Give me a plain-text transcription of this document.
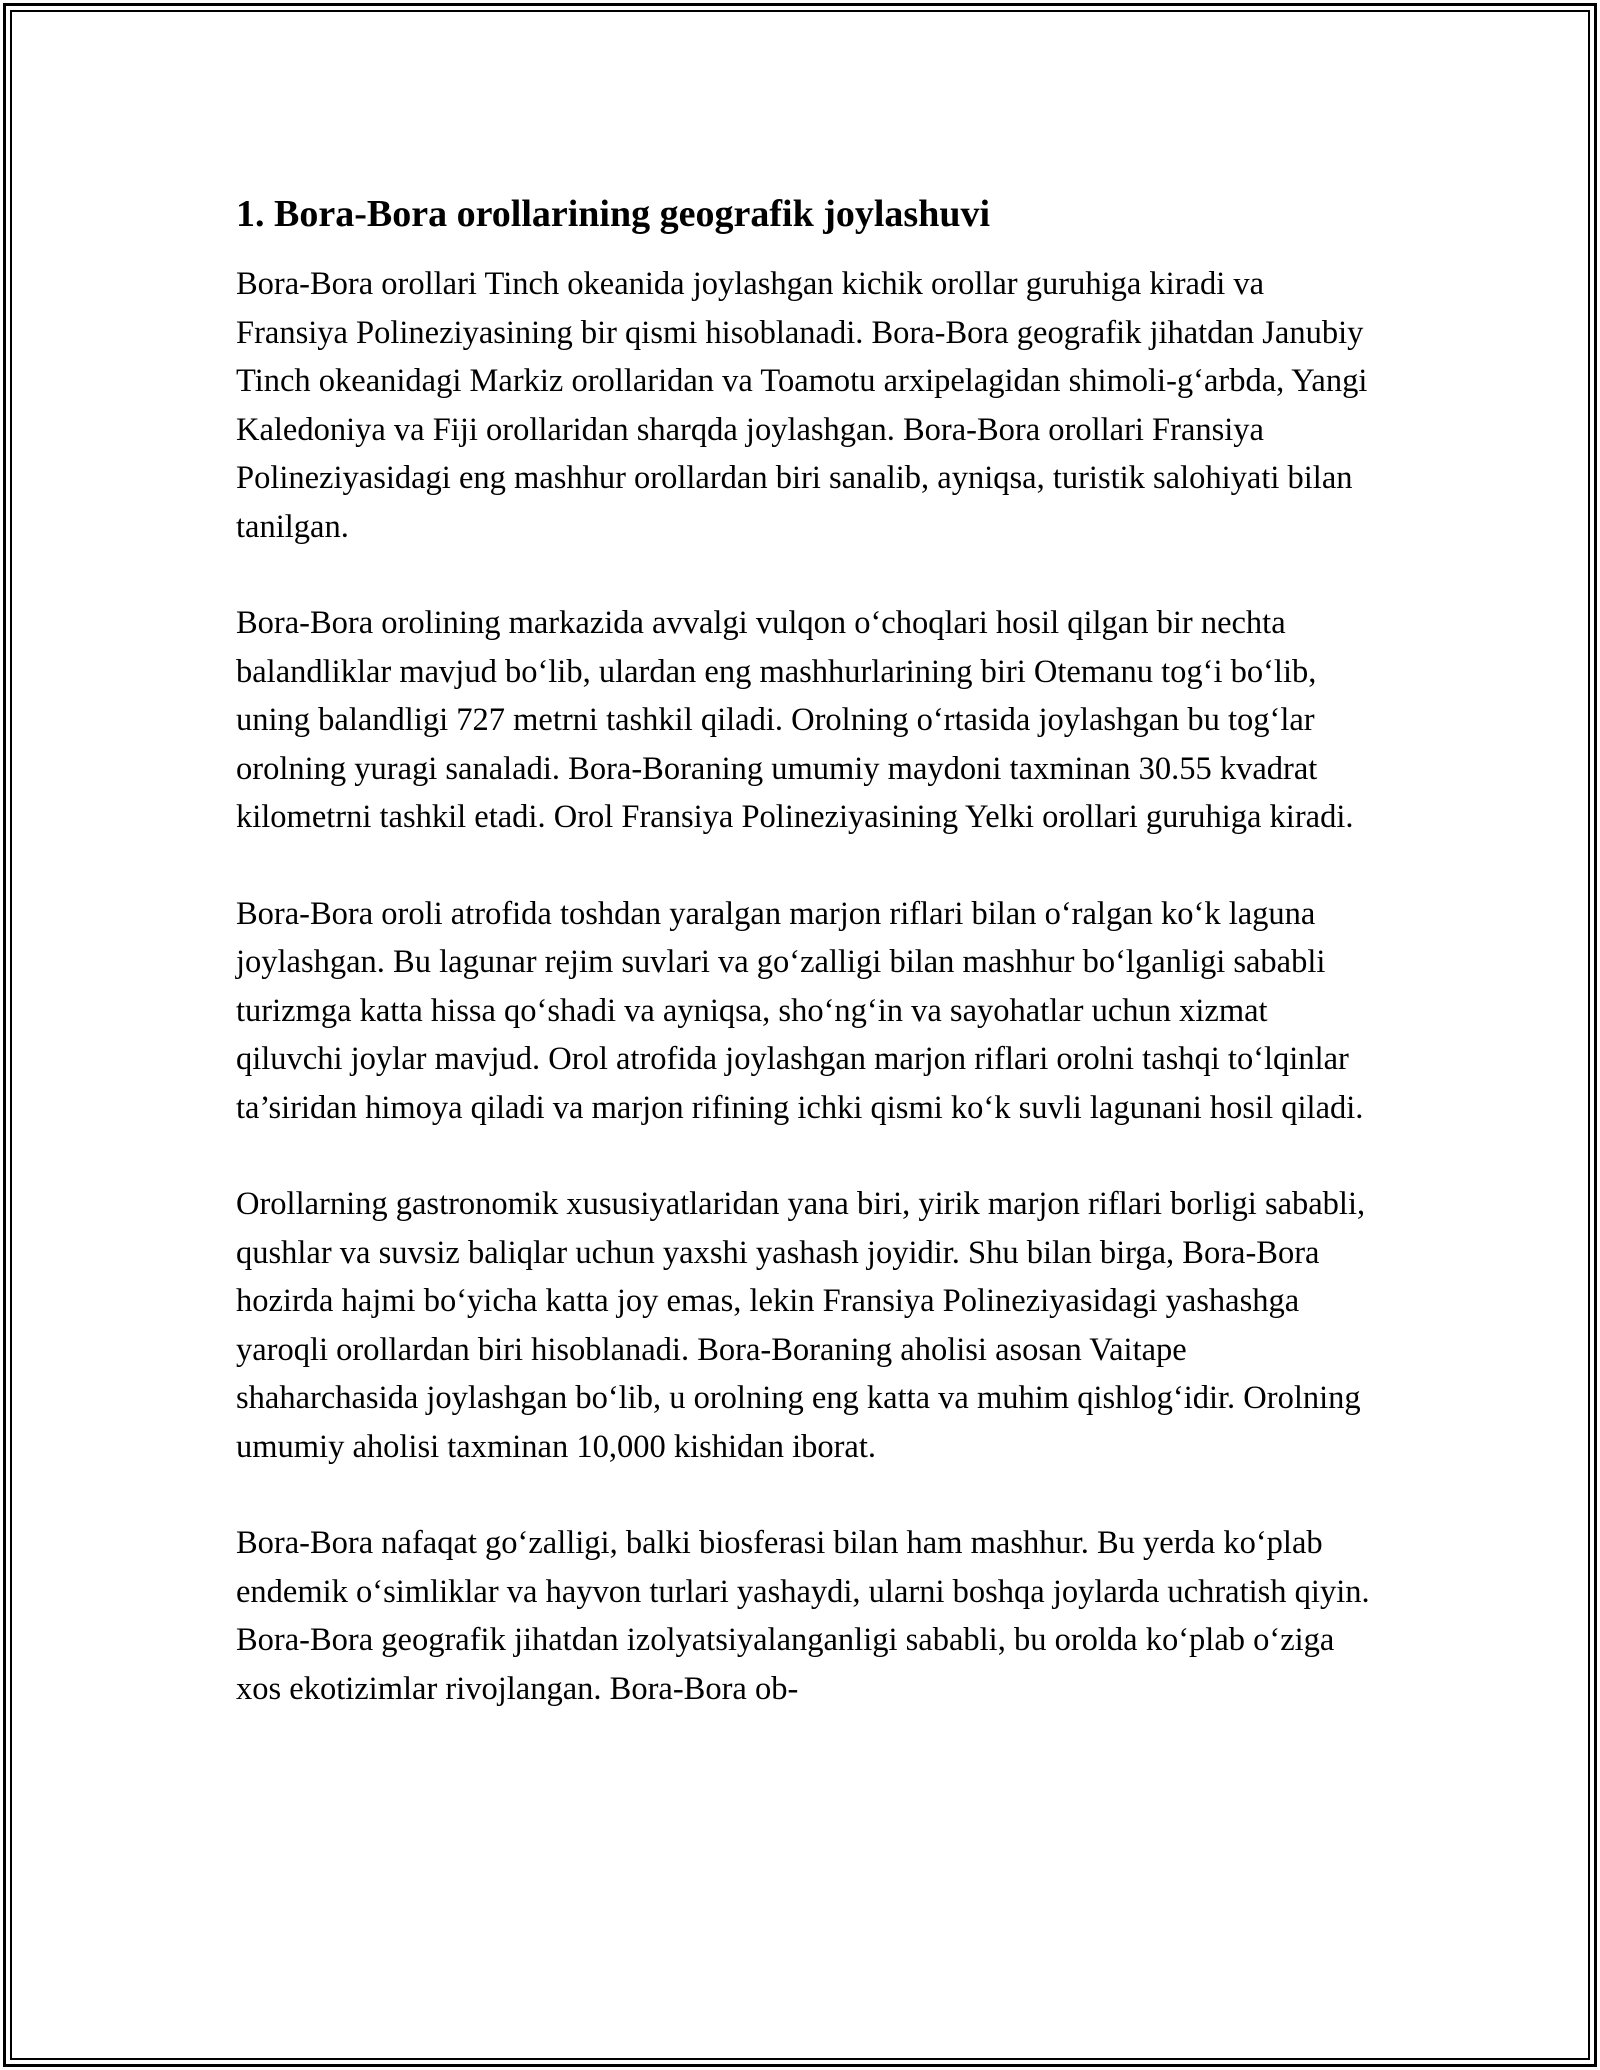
1. Bora-Bora orollarining geografik joylashuvi

Bora-Bora orollari Tinch okeanida joylashgan kichik orollar guruhiga kiradi va Fransiya Polineziyasining bir qismi hisoblanadi. Bora-Bora geografik jihatdan Janubiy Tinch okeanidagi Markiz orollaridan va Toamotu arxipelagidan shimoli-g‘arbda, Yangi Kaledoniya va Fiji orollaridan sharqda joylashgan. Bora-Bora orollari Fransiya Polineziyasidagi eng mashhur orollardan biri sanalib, ayniqsa, turistik salohiyati bilan tanilgan.

Bora-Bora orolining markazida avvalgi vulqon o‘choqlari hosil qilgan bir nechta balandliklar mavjud bo‘lib, ulardan eng mashhurlarining biri Otemanu tog‘i bo‘lib, uning balandligi 727 metrni tashkil qiladi. Orolning o‘rtasida joylashgan bu tog‘lar orolning yuragi sanaladi. Bora-Boraning umumiy maydoni taxminan 30.55 kvadrat kilometrni tashkil etadi. Orol Fransiya Polineziyasining Yelki orollari guruhiga kiradi.

Bora-Bora oroli atrofida toshdan yaralgan marjon riflari bilan o‘ralgan ko‘k laguna joylashgan. Bu lagunar rejim suvlari va go‘zalligi bilan mashhur bo‘lganligi sababli turizmga katta hissa qo‘shadi va ayniqsa, sho‘ng‘in va sayohatlar uchun xizmat qiluvchi joylar mavjud. Orol atrofida joylashgan marjon riflari orolni tashqi to‘lqinlar ta’siridan himoya qiladi va marjon rifining ichki qismi ko‘k suvli lagunani hosil qiladi.

Orollarning gastronomik xususiyatlaridan yana biri, yirik marjon riflari borligi sababli, qushlar va suvsiz baliqlar uchun yaxshi yashash joyidir. Shu bilan birga, Bora-Bora hozirda hajmi bo‘yicha katta joy emas, lekin Fransiya Polineziyasidagi yashashga yaroqli orollardan biri hisoblanadi. Bora-Boraning aholisi asosan Vaitape shaharchasida joylashgan bo‘lib, u orolning eng katta va muhim qishlog‘idir. Orolning umumiy aholisi taxminan 10,000 kishidan iborat.

Bora-Bora nafaqat go‘zalligi, balki biosferasi bilan ham mashhur. Bu yerda ko‘plab endemik o‘simliklar va hayvon turlari yashaydi, ularni boshqa joylarda uchratish qiyin. Bora-Bora geografik jihatdan izolyatsiyalanganligi sababli, bu orolda ko‘plab o‘ziga xos ekotizimlar rivojlangan. Bora-Bora ob-
